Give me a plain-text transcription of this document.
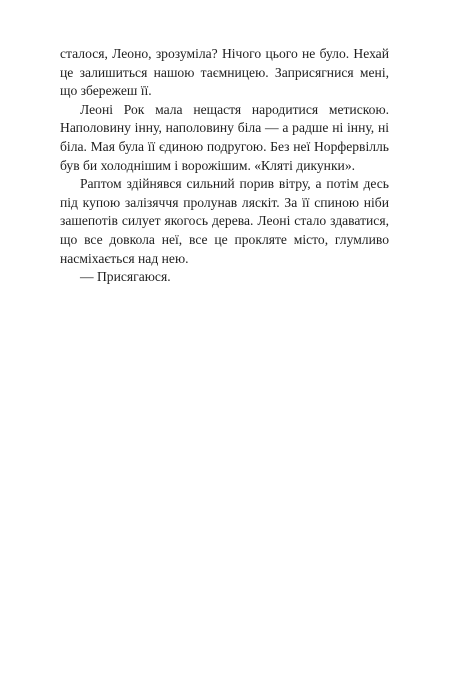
сталося, Леоно, зрозуміла? Нічого цього не було. Нехай це залишиться нашою таємницею. Заприсягнися мені, що збережеш її.

Леоні Рок мала нещастя народитися метискою. Наполовину інну, наполовину біла — а радше ні інну, ні біла. Мая була її єдиною подругою. Без неї Норфервілль був би холоднішим і ворожішим. «Кляті дикунки».

Раптом здійнявся сильний порив вітру, а потім десь під купою залізяччя пролунав ляскіт. За її спиною ніби зашепотів силует якогось дерева. Леоні стало здаватися, що все довкола неї, все це прокляте місто, глумливо насміхається над нею.

— Присягаюся.
